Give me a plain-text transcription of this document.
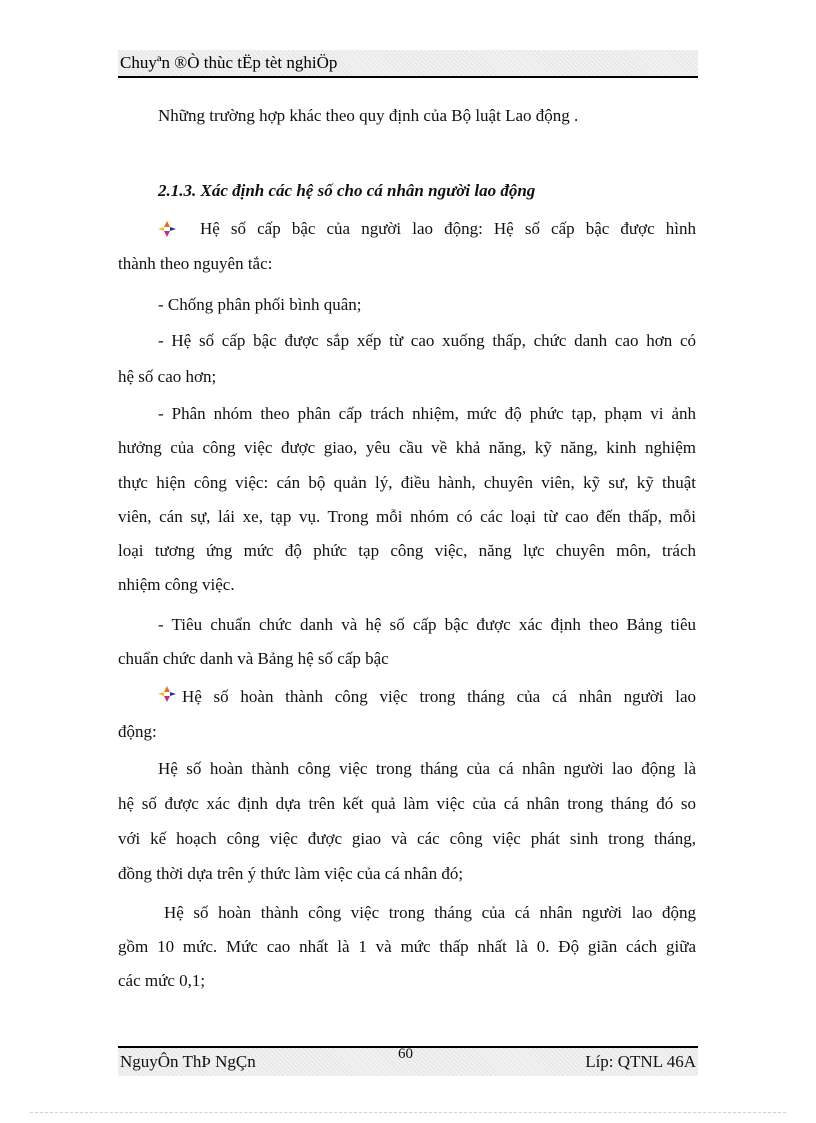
Chuyªn ®Ò thùc tËp tèt nghiÖp
Những trường hợp khác theo quy định của Bộ luật Lao động .
2.1.3. Xác định các hệ số cho cá nhân người lao động
Hệ số cấp bậc của người lao động: Hệ số cấp bậc được hình
thành theo nguyên tắc:
- Chống phân phối bình quân;
- Hệ số cấp bậc được sắp xếp từ cao xuống thấp, chức danh cao hơn có
hệ số cao hơn;
- Phân nhóm theo phân cấp trách nhiệm, mức độ phức tạp, phạm vi ảnh
hưởng của công việc được giao, yêu cầu về khả năng, kỹ năng, kinh nghiệm
thực hiện công việc: cán bộ quản lý, điều hành, chuyên viên, kỹ sư, kỹ thuật
viên, cán sự, lái xe, tạp vụ. Trong mỗi nhóm có các loại từ cao đến thấp, mỗi
loại tương ứng mức độ phức tạp công việc, năng lực chuyên môn, trách
nhiệm công việc.
- Tiêu chuẩn chức danh và hệ số cấp bậc được xác định theo Bảng tiêu
chuẩn chức danh và Bảng hệ số cấp bậc
Hệ số hoàn thành công việc trong tháng của cá nhân người lao
động:
Hệ số hoàn thành công việc trong tháng của cá nhân người lao động là
hệ số được xác định dựa trên kết quả làm việc của cá nhân trong tháng đó so
với kế hoạch công việc được giao và các công việc phát sinh trong tháng,
đồng thời dựa trên ý thức làm việc của cá nhân đó;
Hệ số hoàn thành công việc trong tháng của cá nhân người lao động
gồm 10 mức. Mức cao nhất là 1 và mức thấp nhất là 0. Độ giãn cách giữa
các mức 0,1;
NguyÔn ThÞ NgÇn	60	Líp: QTNL 46A
